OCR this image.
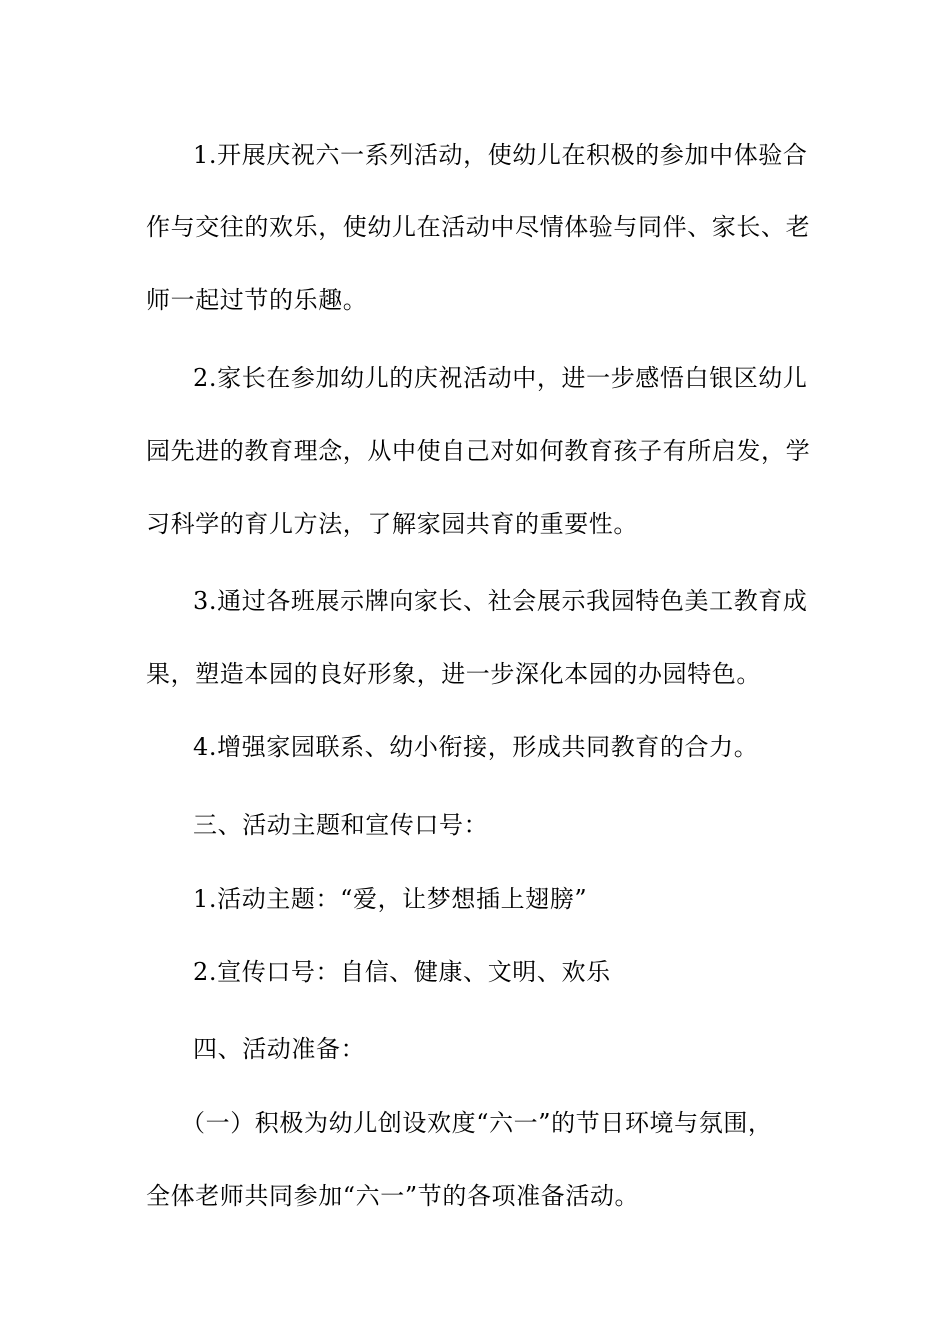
1.开展庆祝六一系列活动，使幼儿在积极的参加中体验合
作与交往的欢乐，使幼儿在活动中尽情体验与同伴、家长、老
师一起过节的乐趣。
2.家长在参加幼儿的庆祝活动中，进一步感悟白银区幼儿
园先进的教育理念，从中使自己对如何教育孩子有所启发，学
习科学的育儿方法，了解家园共育的重要性。
3.通过各班展示牌向家长、社会展示我园特色美工教育成
果，塑造本园的良好形象，进一步深化本园的办园特色。
4.增强家园联系、幼小衔接，形成共同教育的合力。
三、活动主题和宣传口号：
1.活动主题：“爱，让梦想插上翅膀”
2.宣传口号：自信、健康、文明、欢乐
四、活动准备：
（一）积极为幼儿创设欢度“六一”的节日环境与氛围，
全体老师共同参加“六一”节的各项准备活动。
